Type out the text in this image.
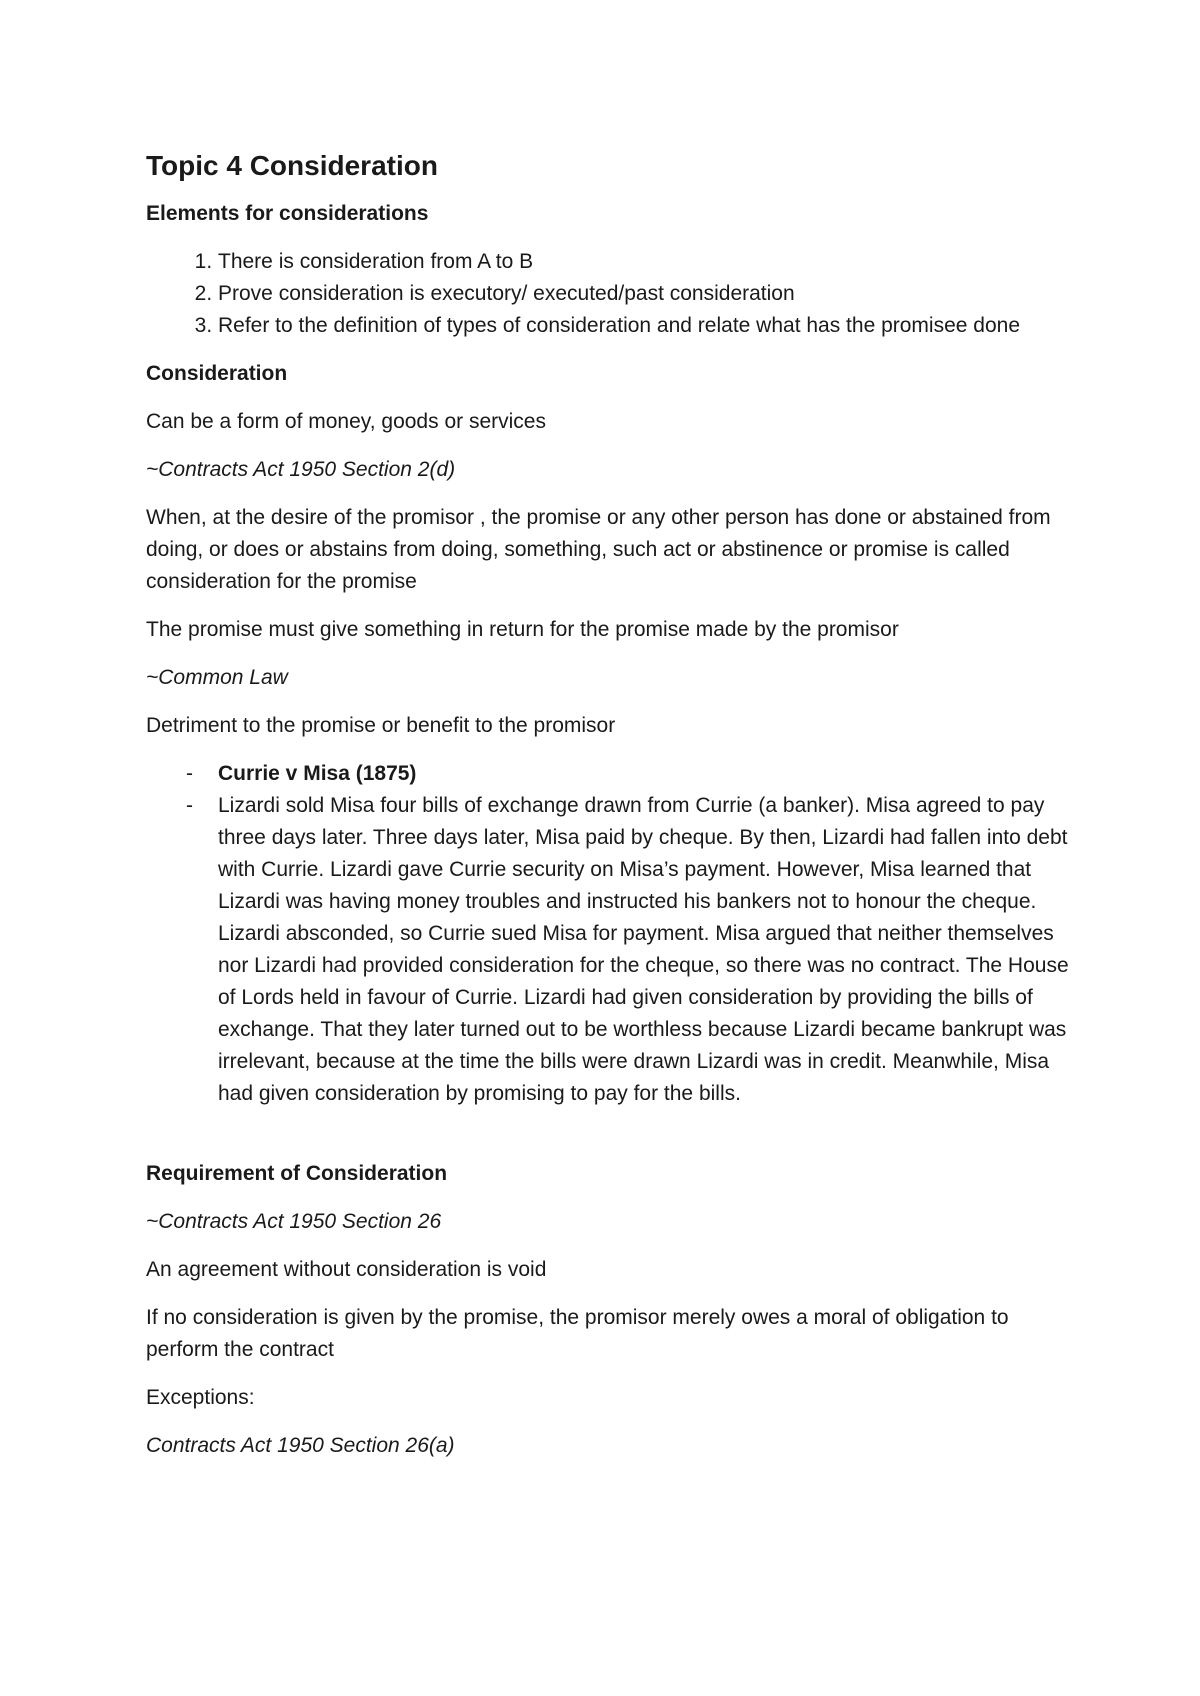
Topic 4 Consideration

Elements for considerations

1. There is consideration from A to B
2. Prove consideration is executory/ executed/past consideration
3. Refer to the definition of types of consideration and relate what has the promisee done

Consideration

Can be a form of money, goods or services

~Contracts Act 1950 Section 2(d)

When, at the desire of the promisor , the promise or any other person has done or abstained from doing, or does or abstains from doing, something, such act or abstinence or promise is called consideration for the promise

The promise must give something in return for the promise made by the promisor

~Common Law

Detriment to the promise or benefit to the promisor

- Currie v Misa (1875)
- Lizardi sold Misa four bills of exchange drawn from Currie (a banker). Misa agreed to pay three days later. Three days later, Misa paid by cheque. By then, Lizardi had fallen into debt with Currie. Lizardi gave Currie security on Misa’s payment. However, Misa learned that Lizardi was having money troubles and instructed his bankers not to honour the cheque. Lizardi absconded, so Currie sued Misa for payment. Misa argued that neither themselves nor Lizardi had provided consideration for the cheque, so there was no contract. The House of Lords held in favour of Currie. Lizardi had given consideration by providing the bills of exchange. That they later turned out to be worthless because Lizardi became bankrupt was irrelevant, because at the time the bills were drawn Lizardi was in credit. Meanwhile, Misa had given consideration by promising to pay for the bills.

Requirement of Consideration

~Contracts Act 1950 Section 26

An agreement without consideration is void

If no consideration is given by the promise, the promisor merely owes a moral of obligation to perform the contract

Exceptions:

Contracts Act 1950 Section 26(a)
